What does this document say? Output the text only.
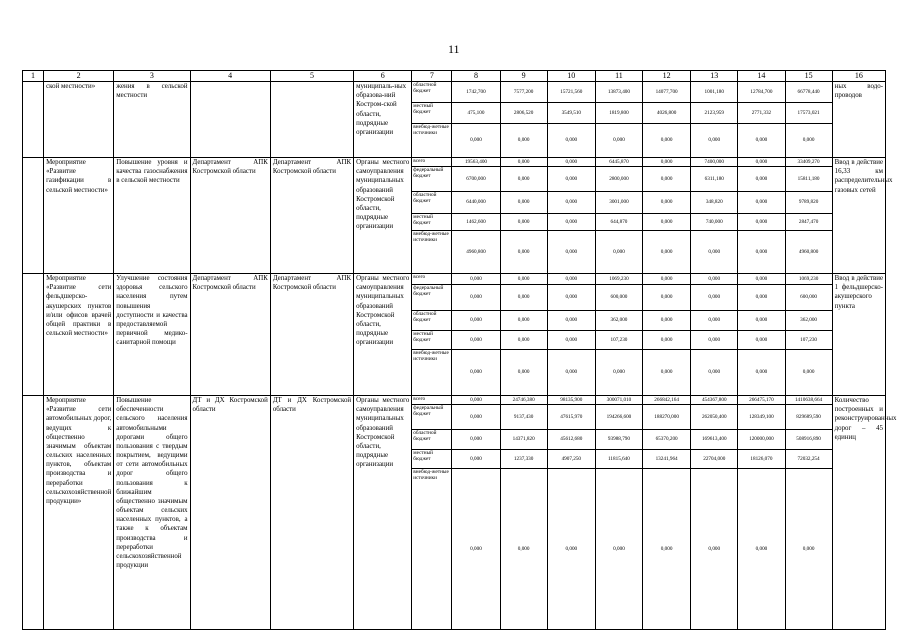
11
1	2	3	4	5	6	7	8	9	10	11	12	13	14	15	16
	ской местности»	жения в сельской местности			муниципаль-ных образова-ний Костром-ской области, подрядные организации	областной бюджет	1742,700	7577,200	15721,560	13873,400	14077,700	1001,180	12784,700	66778,440	ных водо-проводов
						местный бюджет	475,100	2806,520	3549,510	1819,800	4026,800	2123,959	2771,332	17573,021	
						внебюд-жетные источники	0,000	0,000	0,000	0,000	0,000	0,000	0,000	0,000	
	Мероприятие «Развитие газификации в сельской местности»	Повышение уровня и качества газоснабжения в сельской местности	Департамент АПК Костромской области	Департамент АПК Костромской области	Органы местного самоуправления муниципальных образований Костромской области, подрядные организации	всего	19563,400	0,000	0,000	6445,870	0,000	7400,000	0,000	33409,270	Ввод в действие 16,33 км распределительных газовых сетей
						федеральный бюджет	6700,000	0,000	0,000	2800,000	0,000	6311,180	0,000	15811,180	
						областной бюджет	6440,000	0,000	0,000	3001,000	0,000	348,820	0,000	9789,820	
						местный бюджет	1462,600	0,000	0,000	644,870	0,000	740,000	0,000	2847,470	
						внебюд-жетные источники	4960,800	0,000	0,000	0,000	0,000	0,000	0,000	4960,800	
	Мероприятие «Развитие сети фельдшерско-акушерских пунктов и/или офисов врачей общей практики в сельской местности»	Улучшение состояния здоровья сельского населения путем повышения доступности и качества предоставляемой первичной медико-санитарной помощи	Департамент АПК Костромской области	Департамент АПК Костромской области	Органы местного самоуправления муниципальных образований Костромской области, подрядные организации	всего	0,000	0,000	0,000	1069,230	0,000	0,000	0,000	1069,230	Ввод в действие 1 фельдшерско-акушерского пункта
						федеральный бюджет	0,000	0,000	0,000	600,000	0,000	0,000	0,000	600,000	
						областной бюджет	0,000	0,000	0,000	362,000	0,000	0,000	0,000	362,000	
						местный бюджет	0,000	0,000	0,000	107,230	0,000	0,000	0,000	107,230	
						внебюд-жетные источники	0,000	0,000	0,000	0,000	0,000	0,000	0,000	0,000	
	Мероприятие «Развитие сети автомобильных дорог, ведущих к общественно значимым объектам сельских населенных пунктов, объектам производства и переработки сельскохозяйственной продукции»	Повышение обеспеченности сельского населения автомобильными дорогами общего пользования с твердым покрытием, ведущими от сети автомобильных дорог общего пользования к ближайшим общественно значимым объектам сельских населенных пунктов, а также к объектам производства и переработки сельскохозяйственной продукции	ДТ и ДХ Костромской области	ДТ и ДХ Костромской области	Органы местного самоуправления муниципальных образований Костромской области, подрядные организации	всего	0,000	24746,380	98135,900	300071,010	266842,164	454367,800	266475,170	1410638,664	Количество построенных и реконструированных дорог – 45 единиц
						федеральный бюджет	0,000	9137,430	47615,970	194266,600	188270,000	262050,400	128349,100	829689,590	
						областной бюджет	0,000	14371,820	45612,680	93988,790	65370,200	169613,400	120000,000	508916,890	
						местный бюджет	0,000	1237,330	4907,250	11815,640	13241,964	22704,000	18126,070	72032,254	
						внебюд-жетные источники	0,000	0,000	0,000	0,000	0,000	0,000	0,000	0,000	
